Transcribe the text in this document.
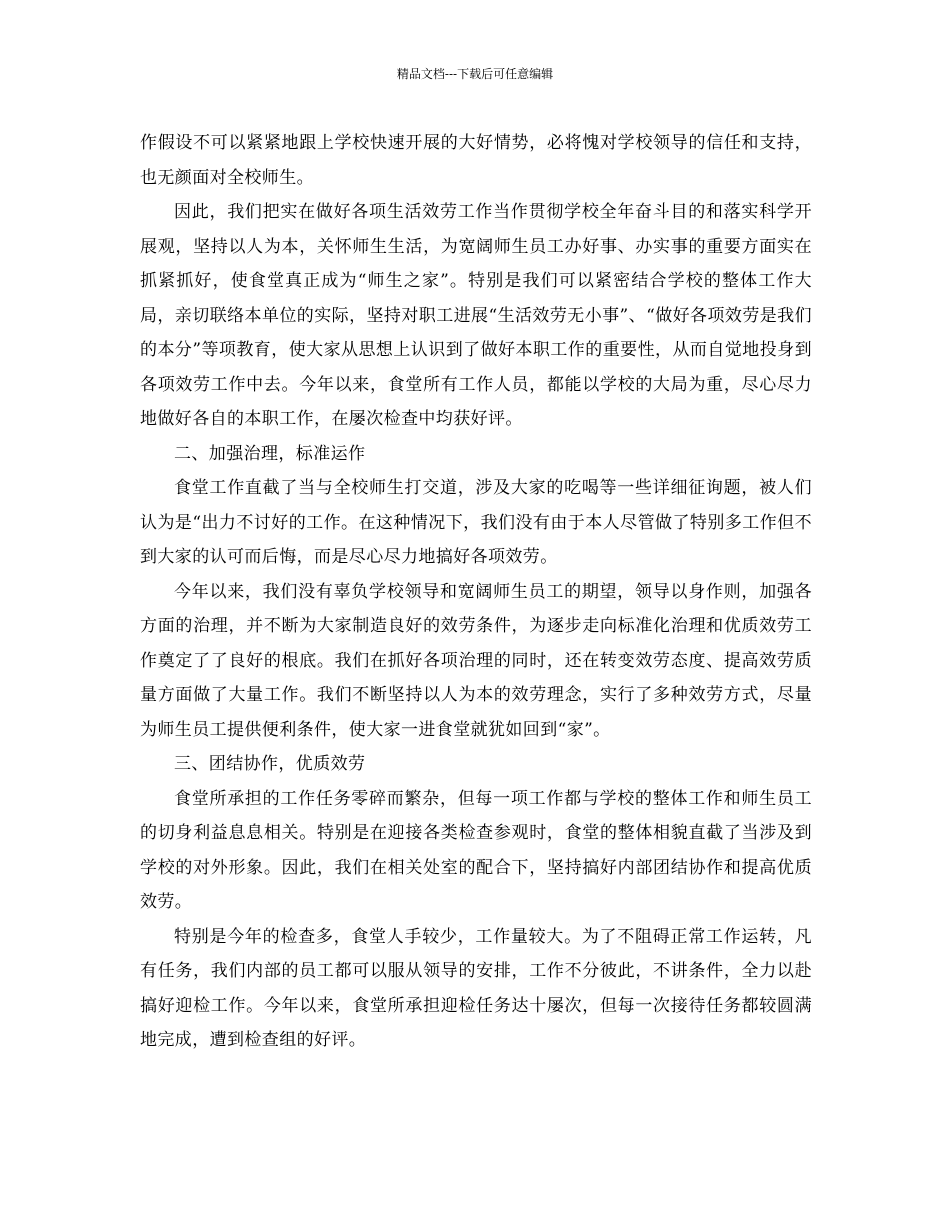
精品文档---下载后可任意编辑

作假设不可以紧紧地跟上学校快速开展的大好情势，必将愧对学校领导的信任和支持，也无颜面对全校师生。

因此，我们把实在做好各项生活效劳工作当作贯彻学校全年奋斗目的和落实科学开展观，坚持以人为本，关怀师生生活，为宽阔师生员工办好事、办实事的重要方面实在抓紧抓好，使食堂真正成为“师生之家”。特别是我们可以紧密结合学校的整体工作大局，亲切联络本单位的实际，坚持对职工进展“生活效劳无小事”、“做好各项效劳是我们的本分”等项教育，使大家从思想上认识到了做好本职工作的重要性，从而自觉地投身到各项效劳工作中去。今年以来，食堂所有工作人员，都能以学校的大局为重，尽心尽力地做好各自的本职工作，在屡次检查中均获好评。

二、加强治理，标准运作

食堂工作直截了当与全校师生打交道，涉及大家的吃喝等一些详细征询题，被人们认为是“出力不讨好的工作。在这种情况下，我们没有由于本人尽管做了特别多工作但不到大家的认可而后悔，而是尽心尽力地搞好各项效劳。

今年以来，我们没有辜负学校领导和宽阔师生员工的期望，领导以身作则，加强各方面的治理，并不断为大家制造良好的效劳条件，为逐步走向标准化治理和优质效劳工作奠定了了良好的根底。我们在抓好各项治理的同时，还在转变效劳态度、提高效劳质量方面做了大量工作。我们不断坚持以人为本的效劳理念，实行了多种效劳方式，尽量为师生员工提供便利条件，使大家一进食堂就犹如回到“家”。

三、团结协作，优质效劳

食堂所承担的工作任务零碎而繁杂，但每一项工作都与学校的整体工作和师生员工的切身利益息息相关。特别是在迎接各类检查参观时，食堂的整体相貌直截了当涉及到学校的对外形象。因此，我们在相关处室的配合下，坚持搞好内部团结协作和提高优质效劳。

特别是今年的检查多，食堂人手较少，工作量较大。为了不阻碍正常工作运转，凡有任务，我们内部的员工都可以服从领导的安排，工作不分彼此，不讲条件，全力以赴搞好迎检工作。今年以来，食堂所承担迎检任务达十屡次，但每一次接待任务都较圆满地完成，遭到检查组的好评。
